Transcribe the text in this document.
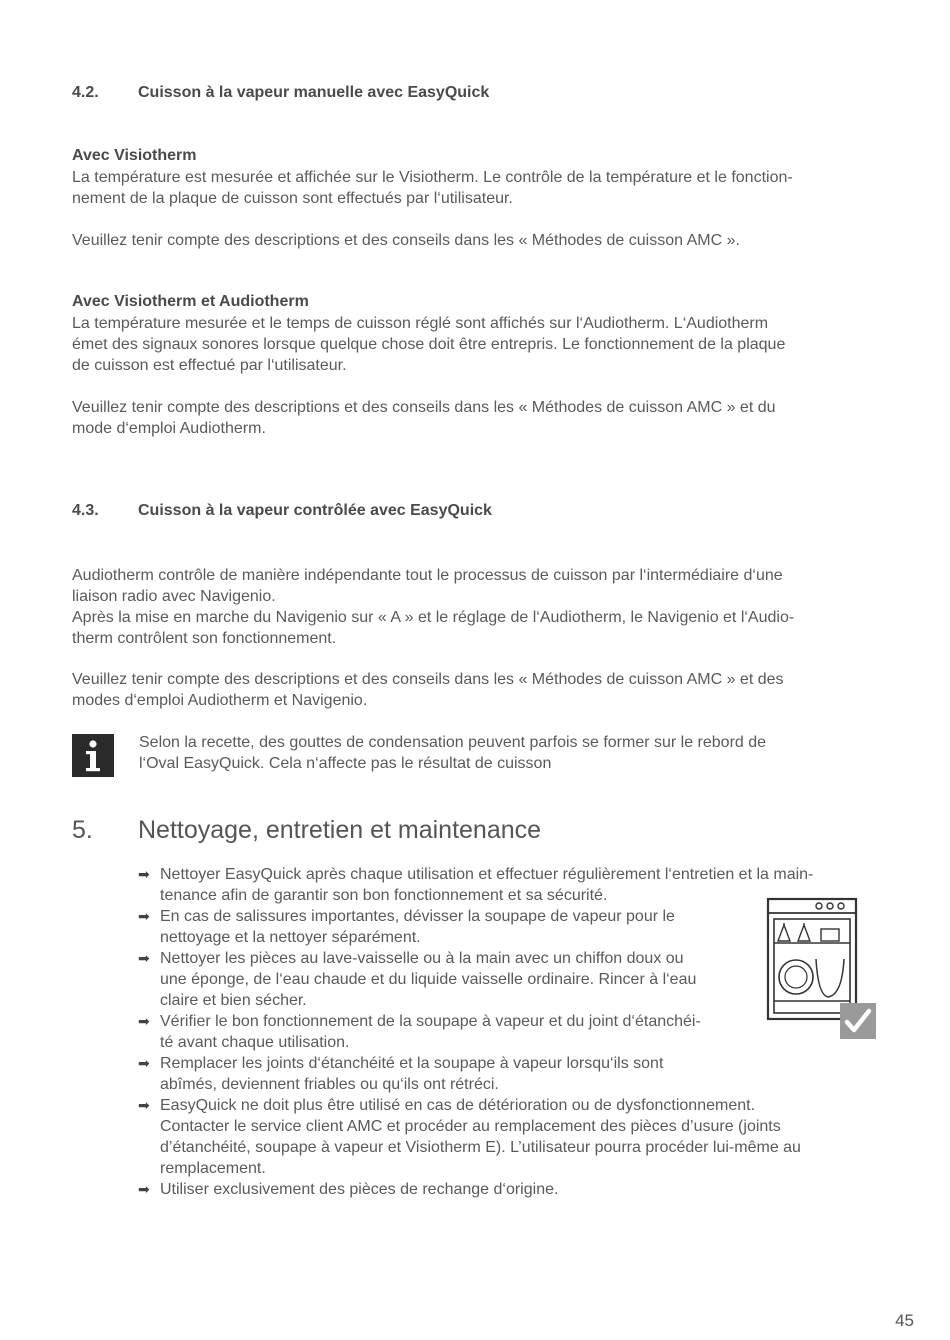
4.2. Cuisson à la vapeur manuelle avec EasyQuick
Avec Visiotherm
La température est mesurée et affichée sur le Visiotherm. Le contrôle de la température et le fonction-
nement de la plaque de cuisson sont effectués par l‘utilisateur.
Veuillez tenir compte des descriptions et des conseils dans les « Méthodes de cuisson AMC ».
Avec Visiotherm et Audiotherm
La température mesurée et le temps de cuisson réglé sont affichés sur l‘Audiotherm. L‘Audiotherm
émet des signaux sonores lorsque quelque chose doit être entrepris. Le fonctionnement de la plaque
de cuisson est effectué par l‘utilisateur.
Veuillez tenir compte des descriptions et des conseils dans les « Méthodes de cuisson AMC » et du
mode d‘emploi Audiotherm.
4.3. Cuisson à la vapeur contrôlée avec EasyQuick
Audiotherm contrôle de manière indépendante tout le processus de cuisson par l‘intermédiaire d‘une
liaison radio avec Navigenio.
Après la mise en marche du Navigenio sur « A » et le réglage de l‘Audiotherm, le Navigenio et l‘Audio-
therm contrôlent son fonctionnement.
Veuillez tenir compte des descriptions et des conseils dans les « Méthodes de cuisson AMC » et des
modes d‘emploi Audiotherm et Navigenio.
Selon la recette, des gouttes de condensation peuvent parfois se former sur le rebord de
l‘Oval EasyQuick. Cela n‘affecte pas le résultat de cuisson
5. Nettoyage, entretien et maintenance
➡ Nettoyer EasyQuick après chaque utilisation et effectuer régulièrement l‘entretien et la main-
tenance afin de garantir son bon fonctionnement et sa sécurité.
➡ En cas de salissures importantes, dévisser la soupape de vapeur pour le
nettoyage et la nettoyer séparément.
➡ Nettoyer les pièces au lave-vaisselle ou à la main avec un chiffon doux ou
une éponge, de l‘eau chaude et du liquide vaisselle ordinaire. Rincer à l‘eau
claire et bien sécher.
➡ Vérifier le bon fonctionnement de la soupape à vapeur et du joint d‘étanchéi-
té avant chaque utilisation.
➡ Remplacer les joints d‘étanchéité et la soupape à vapeur lorsqu‘ils sont
abîmés, deviennent friables ou qu‘ils ont rétréci.
➡ EasyQuick ne doit plus être utilisé en cas de détérioration ou de dysfonctionnement.
Contacter le service client AMC et procéder au remplacement des pièces d’usure (joints
d’étanchéité, soupape à vapeur et Visiotherm E). L’utilisateur pourra procéder lui-même au
remplacement.
➡ Utiliser exclusivement des pièces de rechange d‘origine.
45
